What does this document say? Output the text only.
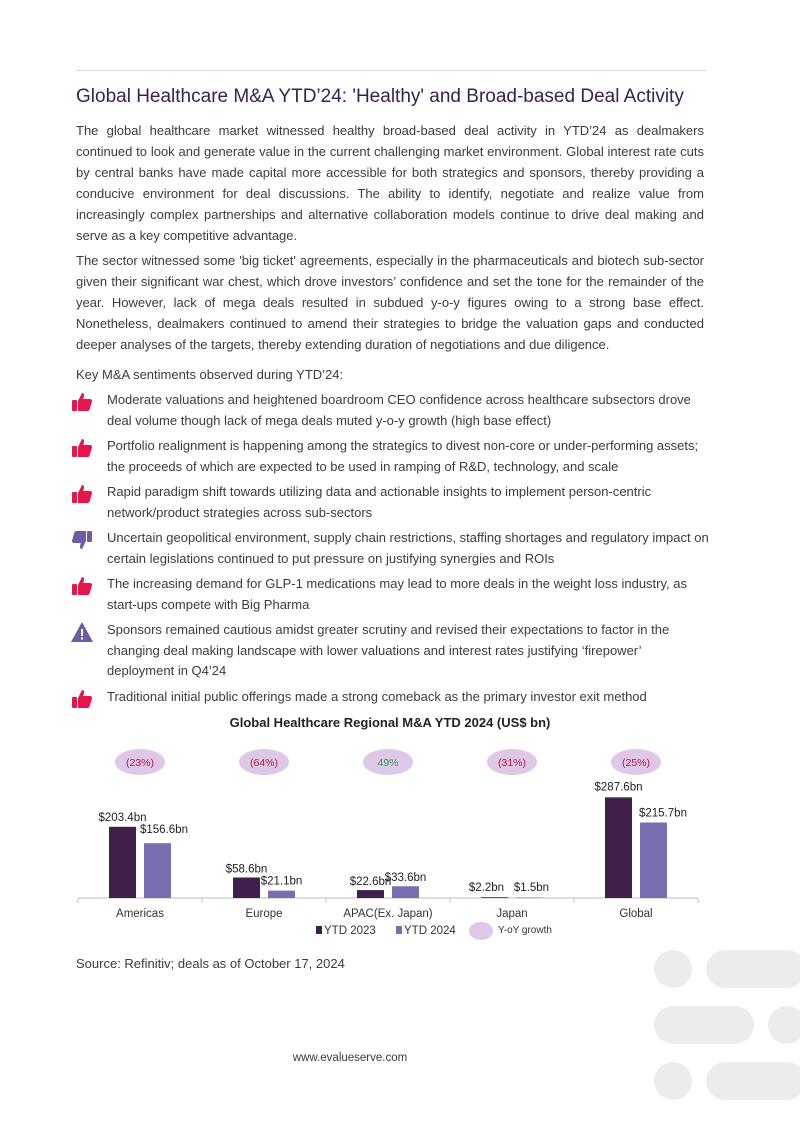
Global Healthcare M&A YTD’24: 'Healthy' and Broad-based Deal Activity

The global healthcare market witnessed healthy broad-based deal activity in YTD’24 as dealmakers continued to look and generate value in the current challenging market environment. Global interest rate cuts by central banks have made capital more accessible for both strategics and sponsors, thereby providing a conducive environment for deal discussions. The ability to identify, negotiate and realize value from increasingly complex partnerships and alternative collaboration models continue to drive deal making and serve as a key competitive advantage.

The sector witnessed some 'big ticket' agreements, especially in the pharmaceuticals and biotech sub-sector given their significant war chest, which drove investors’ confidence and set the tone for the remainder of the year. However, lack of mega deals resulted in subdued y-o-y figures owing to a strong base effect. Nonetheless, dealmakers continued to amend their strategies to bridge the valuation gaps and conducted deeper analyses of the targets, thereby extending duration of negotiations and due diligence.

Key M&A sentiments observed during YTD’24:

Moderate valuations and heightened boardroom CEO confidence across healthcare subsectors drove deal volume though lack of mega deals muted y-o-y growth (high base effect)
Portfolio realignment is happening among the strategics to divest non-core or under-performing assets; the proceeds of which are expected to be used in ramping of R&D, technology, and scale
Rapid paradigm shift towards utilizing data and actionable insights to implement person-centric network/product strategies across sub-sectors
Uncertain geopolitical environment, supply chain restrictions, staffing shortages and regulatory impact on certain legislations continued to put pressure on justifying synergies and ROIs
The increasing demand for GLP-1 medications may lead to more deals in the weight loss industry, as start-ups compete with Big Pharma
Sponsors remained cautious amidst greater scrutiny and revised their expectations to factor in the changing deal making landscape with lower valuations and interest rates justifying ‘firepower’ deployment in Q4’24
Traditional initial public offerings made a strong comeback as the primary investor exit method

Global Healthcare Regional M&A YTD 2024 (US$ bn)

(23%)
$203.4bn
$156.6bn
Americas
(64%)
$58.6bn
$21.1bn
Europe
49%
$22.6bn
$33.6bn
APAC(Ex. Japan)
(31%)
$2.2bn $1.5bn
Japan
(25%)
$287.6bn
$215.7bn
Global
YTD 2023 YTD 2024	Y-oY growth

Source: Refinitiv; deals as of October 17, 2024

www.evalueserve.com
